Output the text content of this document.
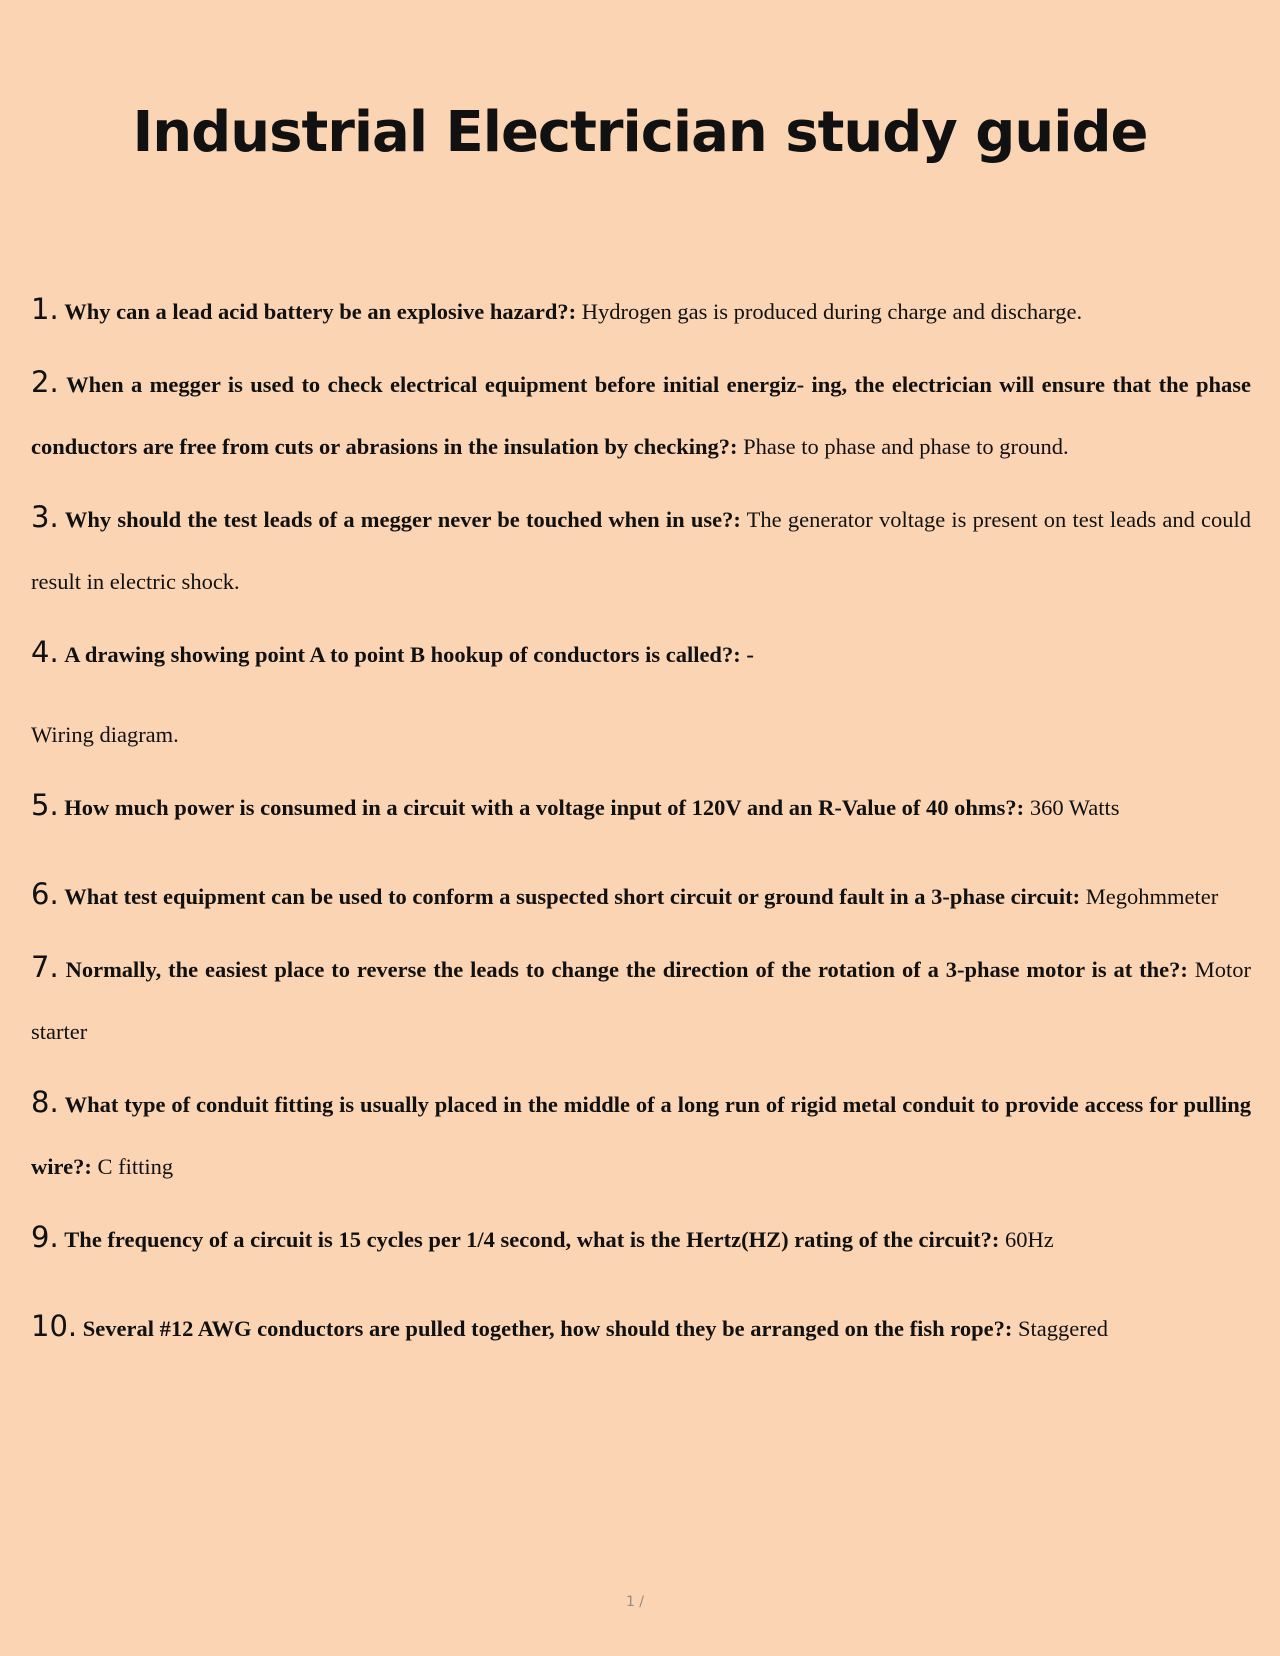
Industrial Electrician study guide

1. Why can a lead acid battery be an explosive hazard?: Hydrogen gas is produced during charge and discharge.

2. When a megger is used to check electrical equipment before initial energiz- ing, the electrician will ensure that the phase conductors are free from cuts or abrasions in the insulation by checking?: Phase to phase and phase to ground.

3. Why should the test leads of a megger never be touched when in use?: The generator voltage is present on test leads and could result in electric shock.

4. A drawing showing point A to point B hookup of conductors is called?: -
Wiring diagram.

5. How much power is consumed in a circuit with a voltage input of 120V and an R-Value of 40 ohms?: 360 Watts

6. What test equipment can be used to conform a suspected short circuit or ground fault in a 3-phase circuit: Megohmmeter

7. Normally, the easiest place to reverse the leads to change the direction of the rotation of a 3-phase motor is at the?: Motor starter

8. What type of conduit fitting is usually placed in the middle of a long run of rigid metal conduit to provide access for pulling wire?: C fitting

9. The frequency of a circuit is 15 cycles per 1/4 second, what is the Hertz(HZ) rating of the circuit?: 60Hz

10. Several #12 AWG conductors are pulled together, how should they be arranged on the fish rope?: Staggered

1 /
